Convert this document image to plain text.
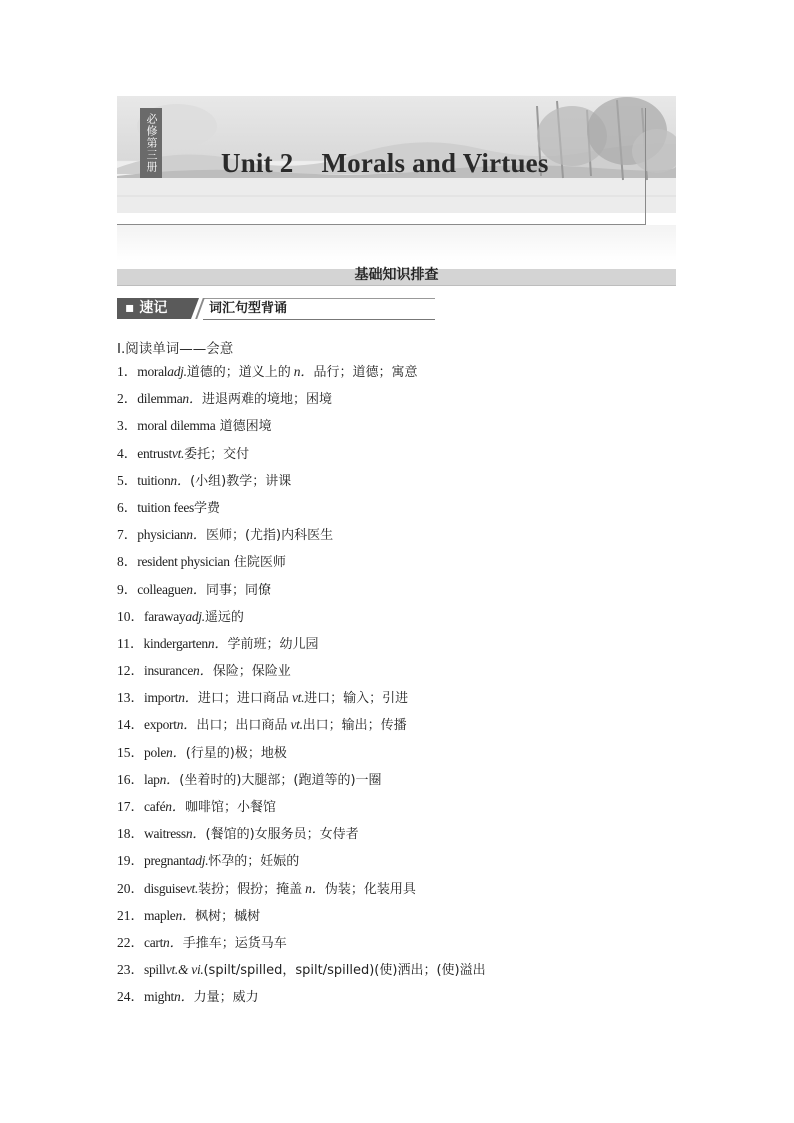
必修第三册 Unit 2 Morals and Virtues
基础知识排查
▪ 速记	词汇句型背诵
Ⅰ.阅读单词——会意
1．moraladj.道德的；道义上的 n．品行；道德；寓意
2．dilemman．进退两难的境地；困境
3．moral dilemma 道德困境
4．entrustvt.委托；交付
5．tuitionn．(小组)教学；讲课
6．tuition fees学费
7．physiciann．医师；(尤指)内科医生
8．resident physician 住院医师
9．colleaguen．同事；同僚
10．farawayadj.遥远的
11．kindergartenn．学前班；幼儿园
12．insurancen．保险；保险业
13．importn．进口；进口商品 vt.进口；输入；引进
14．exportn．出口；出口商品 vt.出口；输出；传播
15．polen．(行星的)极；地极
16．lapn．(坐着时的)大腿部；(跑道等的)一圈
17．cafén．咖啡馆；小餐馆
18．waitressn．(餐馆的)女服务员；女侍者
19．pregnantadj.怀孕的；妊娠的
20．disguisevt.装扮；假扮；掩盖 n．伪装；化装用具
21．maplen．枫树；槭树
22．cartn．手推车；运货马车
23．spillvt.& vi.(spilt/spilled，spilt/spilled)(使)洒出；(使)溢出
24．mightn．力量；威力
